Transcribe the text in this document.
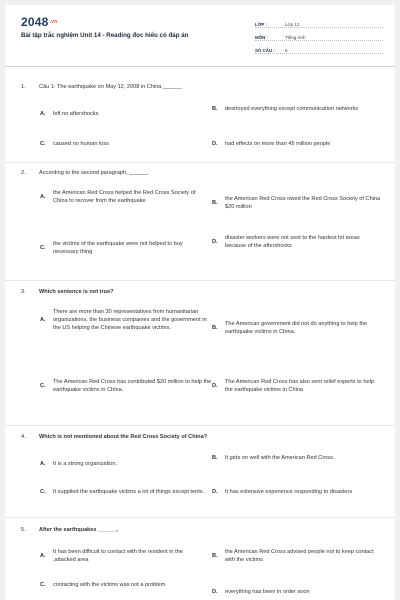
$2048^{.vn}$
Bài tập trắc nghiệm Unit 14 - Reading đọc hiểu có đáp án
LỚP :	Lớp 12
MÔN :	Tiếng Anh
SỐ CÂU :	5
1.	Câu 1: The earthquake on May 12, 2008 in China ______
A.	left no aftershocks
B.	destroyed everything except communication networks
C.	caused no human loss	D.	had effects on more than 45 million people
2.	According to the second paragraph, ______.
A.
the American Red Cross helped the Red Cross Society of China to recover from the earthquake	B.
the American Red Cross owed the Red Cross Society of China $20 million
C.
the victims of the earthquake were not helped to buy necessary thing
D.
disaster workers were not sent to the hardest hit areas because of the aftershocks
3.	Which sentence is not true?
A.
There are more than 30 representatives from humanitarian organizations, the business companies and the government in the US helping the Chinese earthquake victims.	B.
The American government did not do anything to help the earthquake victims in China.
C.
The American Red Cross has contributed $20 million to help the earthquake victims in China.
D.
The American Red Cross has also sent relief experts to help the earthquake victims in China
4.	Which is not mentioned about the Red Cross Society of China?
A.	It is a strong organization.
B.	It gets on well with the American Red Cross.
C.	It supplied the earthquake victims a lot of things except tents. D.	It has extensive experience responding to disasters
5.	After the earthquakes ______.
A.
It has been difficult to contact with the resident in the ,attacked area
B.
the American Red Cross advised people not to keep contact with the victims
C.	contacting with the victims was not a problem
D.	everything has been in order soon
